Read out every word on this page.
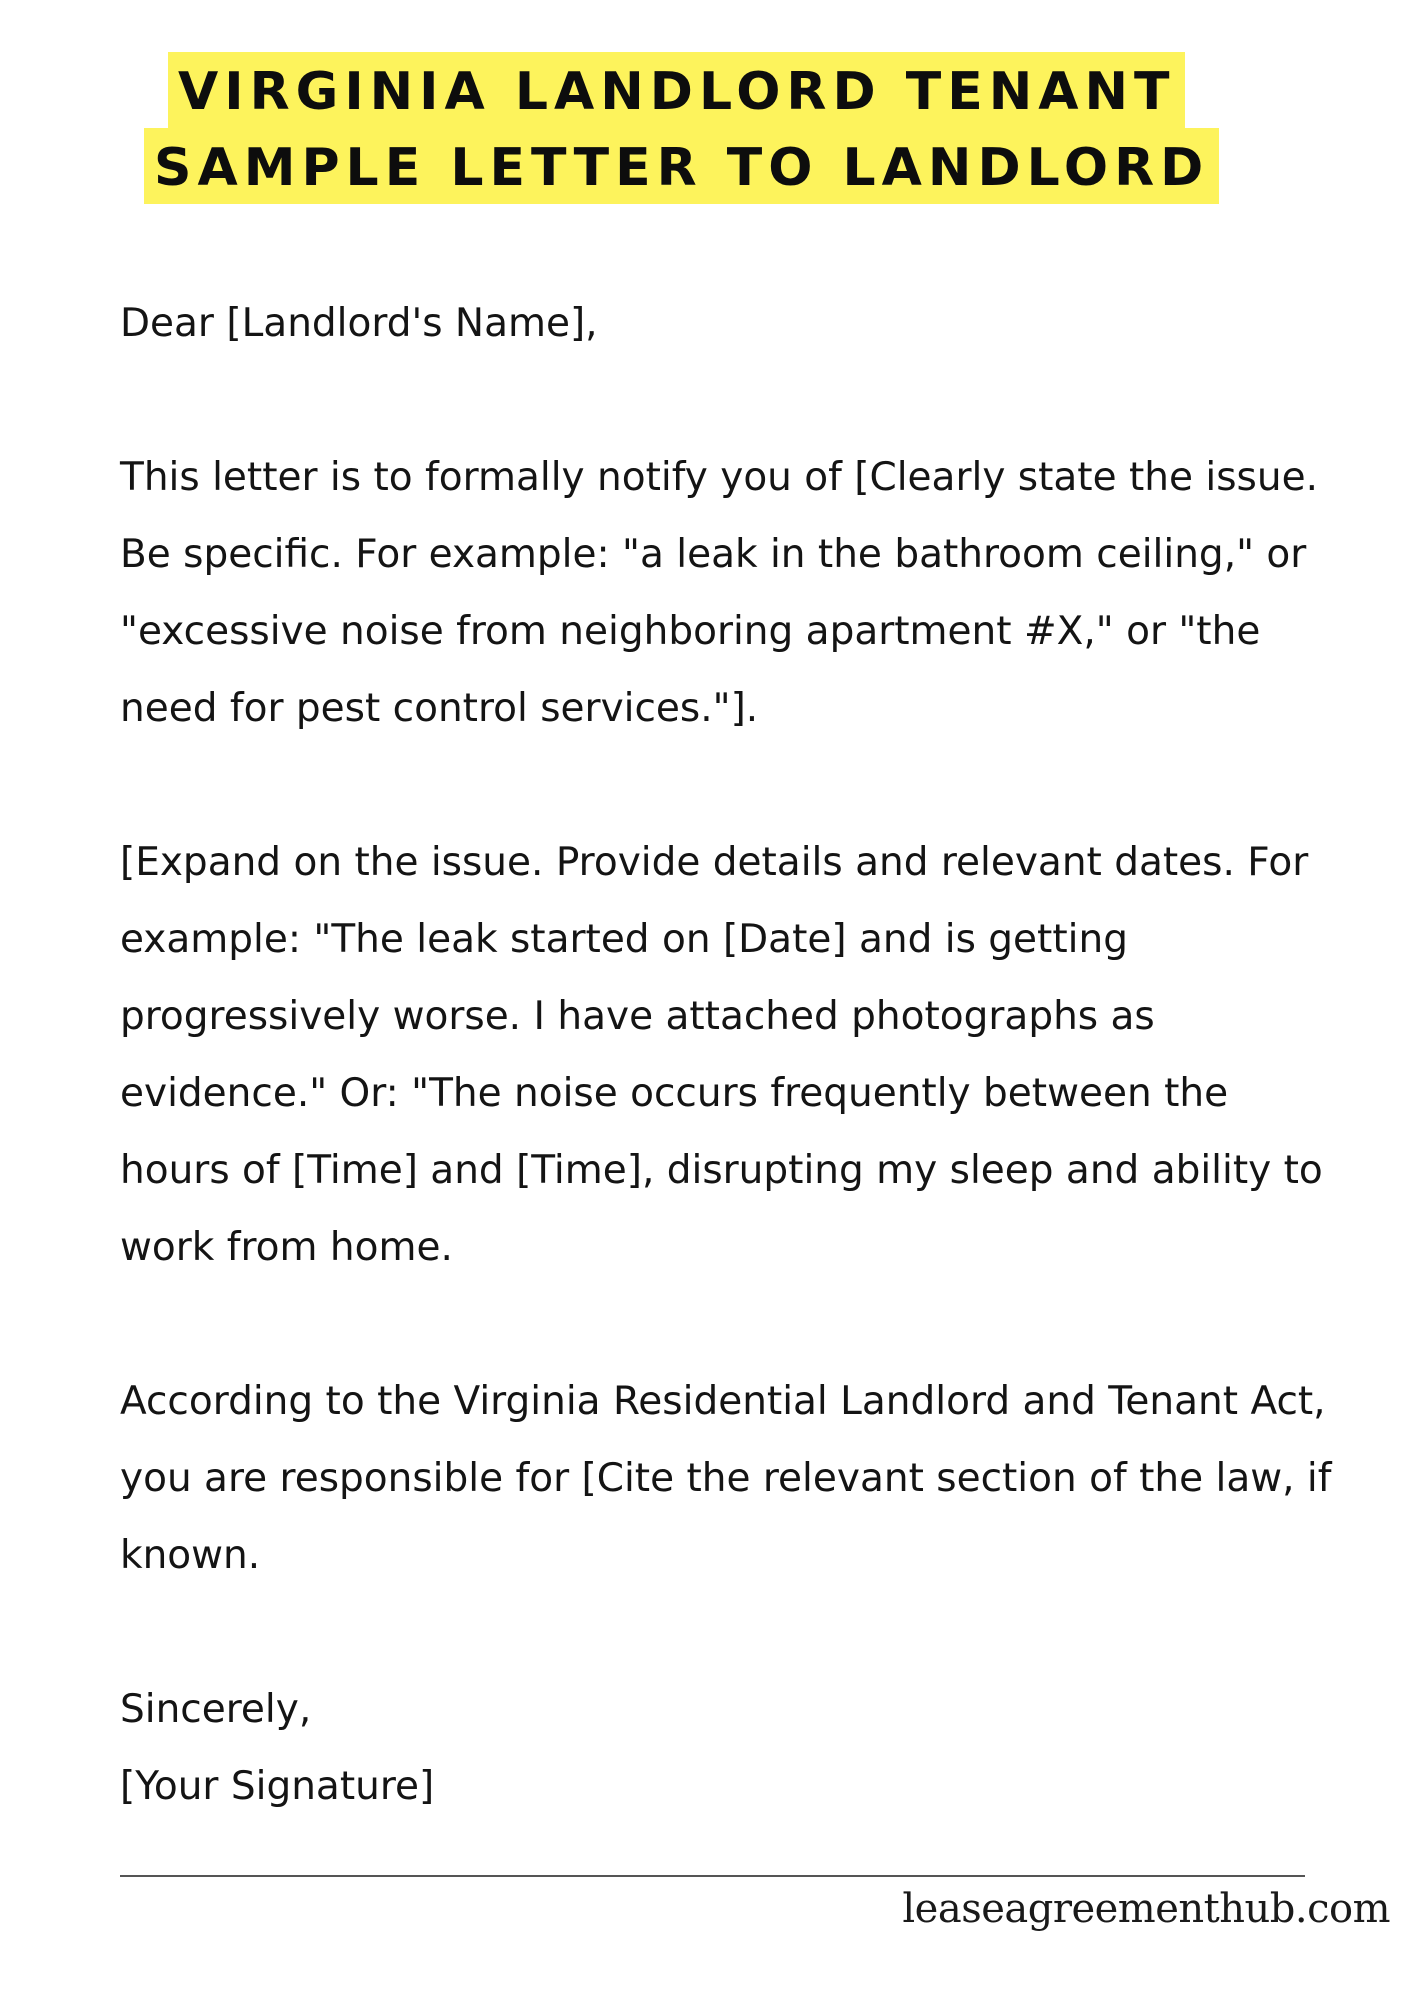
VIRGINIA LANDLORD TENANT
SAMPLE LETTER TO LANDLORD

Dear [Landlord's Name],

This letter is to formally notify you of [Clearly state the issue. Be specific. For example: "a leak in the bathroom ceiling," or "excessive noise from neighboring apartment #X," or "the need for pest control services."].

[Expand on the issue. Provide details and relevant dates. For example: "The leak started on [Date] and is getting progressively worse. I have attached photographs as evidence." Or: "The noise occurs frequently between the hours of [Time] and [Time], disrupting my sleep and ability to work from home.

According to the Virginia Residential Landlord and Tenant Act, you are responsible for [Cite the relevant section of the law, if known.

Sincerely,

[Your Signature]

leaseagreementhub.com
